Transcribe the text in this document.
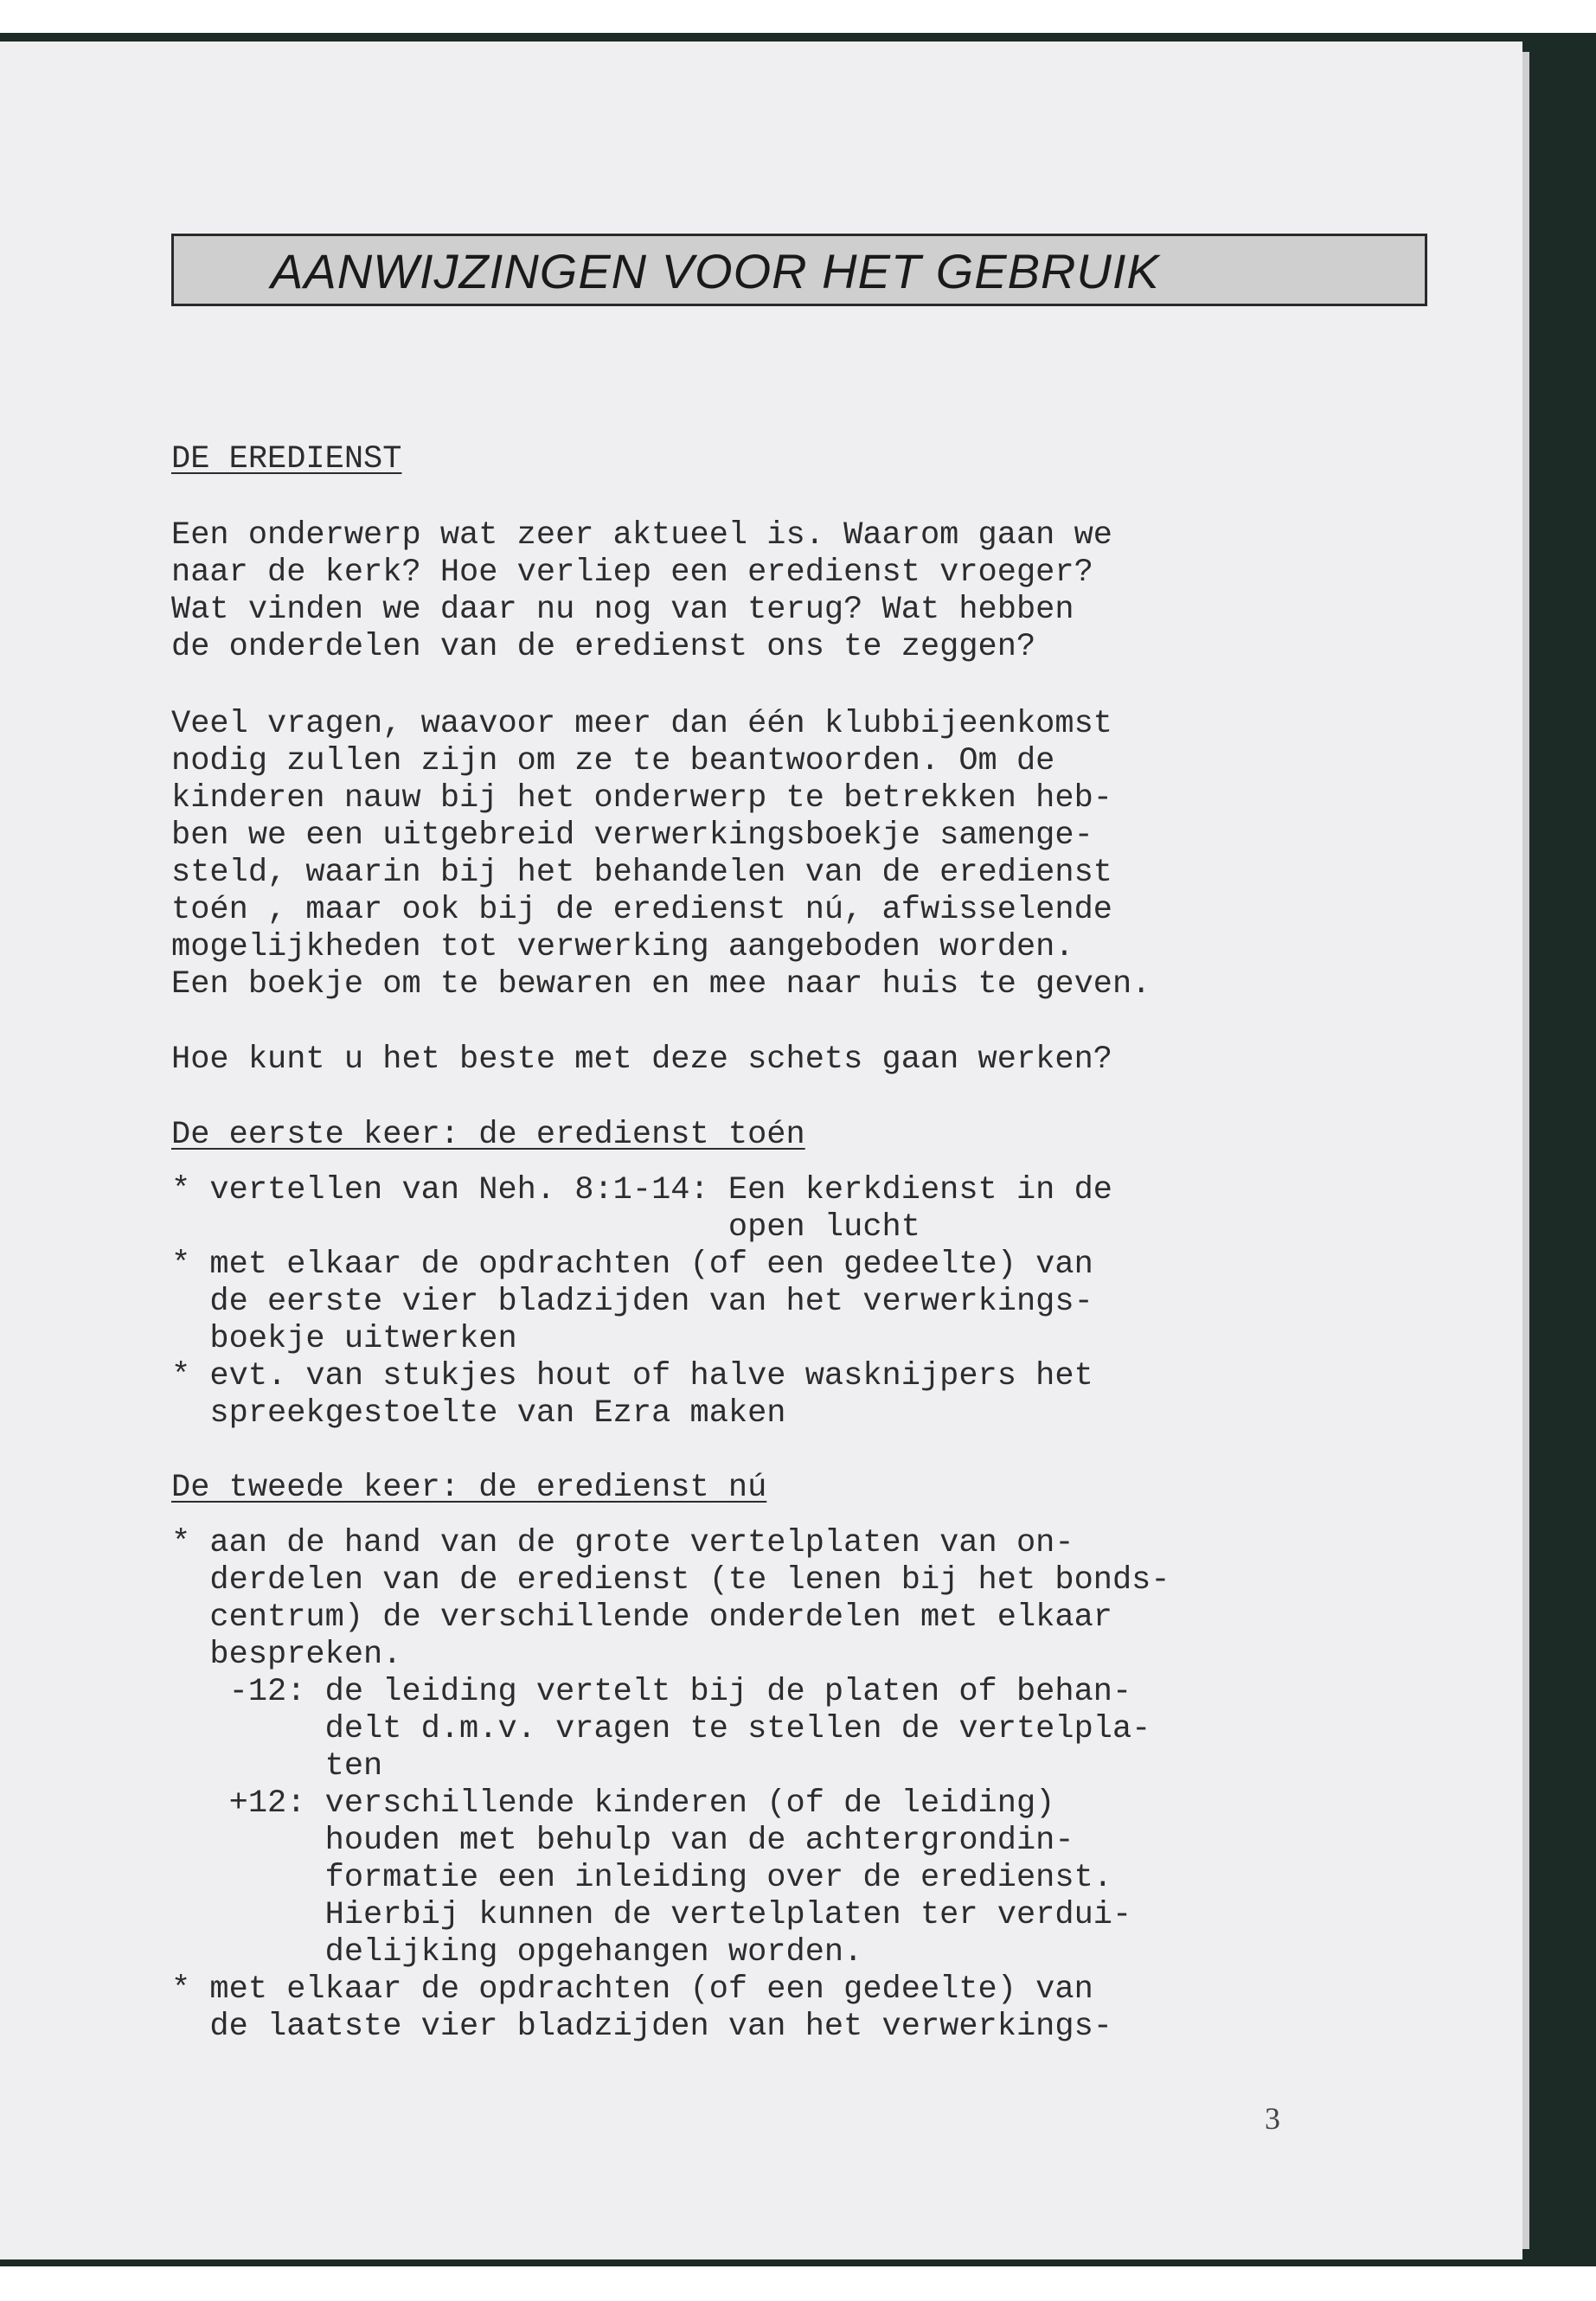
AANWIJZINGEN VOOR HET GEBRUIK
DE EREDIENST
Een onderwerp wat zeer aktueel is. Waarom gaan we
naar de kerk? Hoe verliep een eredienst vroeger?
Wat vinden we daar nu nog van terug? Wat hebben
de onderdelen van de eredienst ons te zeggen?
Veel vragen, waavoor meer dan één klubbijeenkomst
nodig zullen zijn om ze te beantwoorden. Om de
kinderen nauw bij het onderwerp te betrekken heb-
ben we een uitgebreid verwerkingsboekje samenge-
steld, waarin bij het behandelen van de eredienst
toén , maar ook bij de eredienst nú, afwisselende
mogelijkheden tot verwerking aangeboden worden.
Een boekje om te bewaren en mee naar huis te geven.
Hoe kunt u het beste met deze schets gaan werken?
De eerste keer: de eredienst toén
* vertellen van Neh. 8:1-14: Een kerkdienst in de
open lucht
* met elkaar de opdrachten (of een gedeelte) van
de eerste vier bladzijden van het verwerkings-
boekje uitwerken
* evt. van stukjes hout of halve wasknijpers het
spreekgestoelte van Ezra maken
De tweede keer: de eredienst nú
* aan de hand van de grote vertelplaten van on-
derdelen van de eredienst (te lenen bij het bonds-
centrum) de verschillende onderdelen met elkaar
bespreken.
-12: de leiding vertelt bij de platen of behan-
delt d.m.v. vragen te stellen de vertelpla-
ten
+12: verschillende kinderen (of de leiding)
houden met behulp van de achtergrondin-
formatie een inleiding over de eredienst.
Hierbij kunnen de vertelplaten ter verdui-
delijking opgehangen worden.
* met elkaar de opdrachten (of een gedeelte) van
de laatste vier bladzijden van het verwerkings-
3
